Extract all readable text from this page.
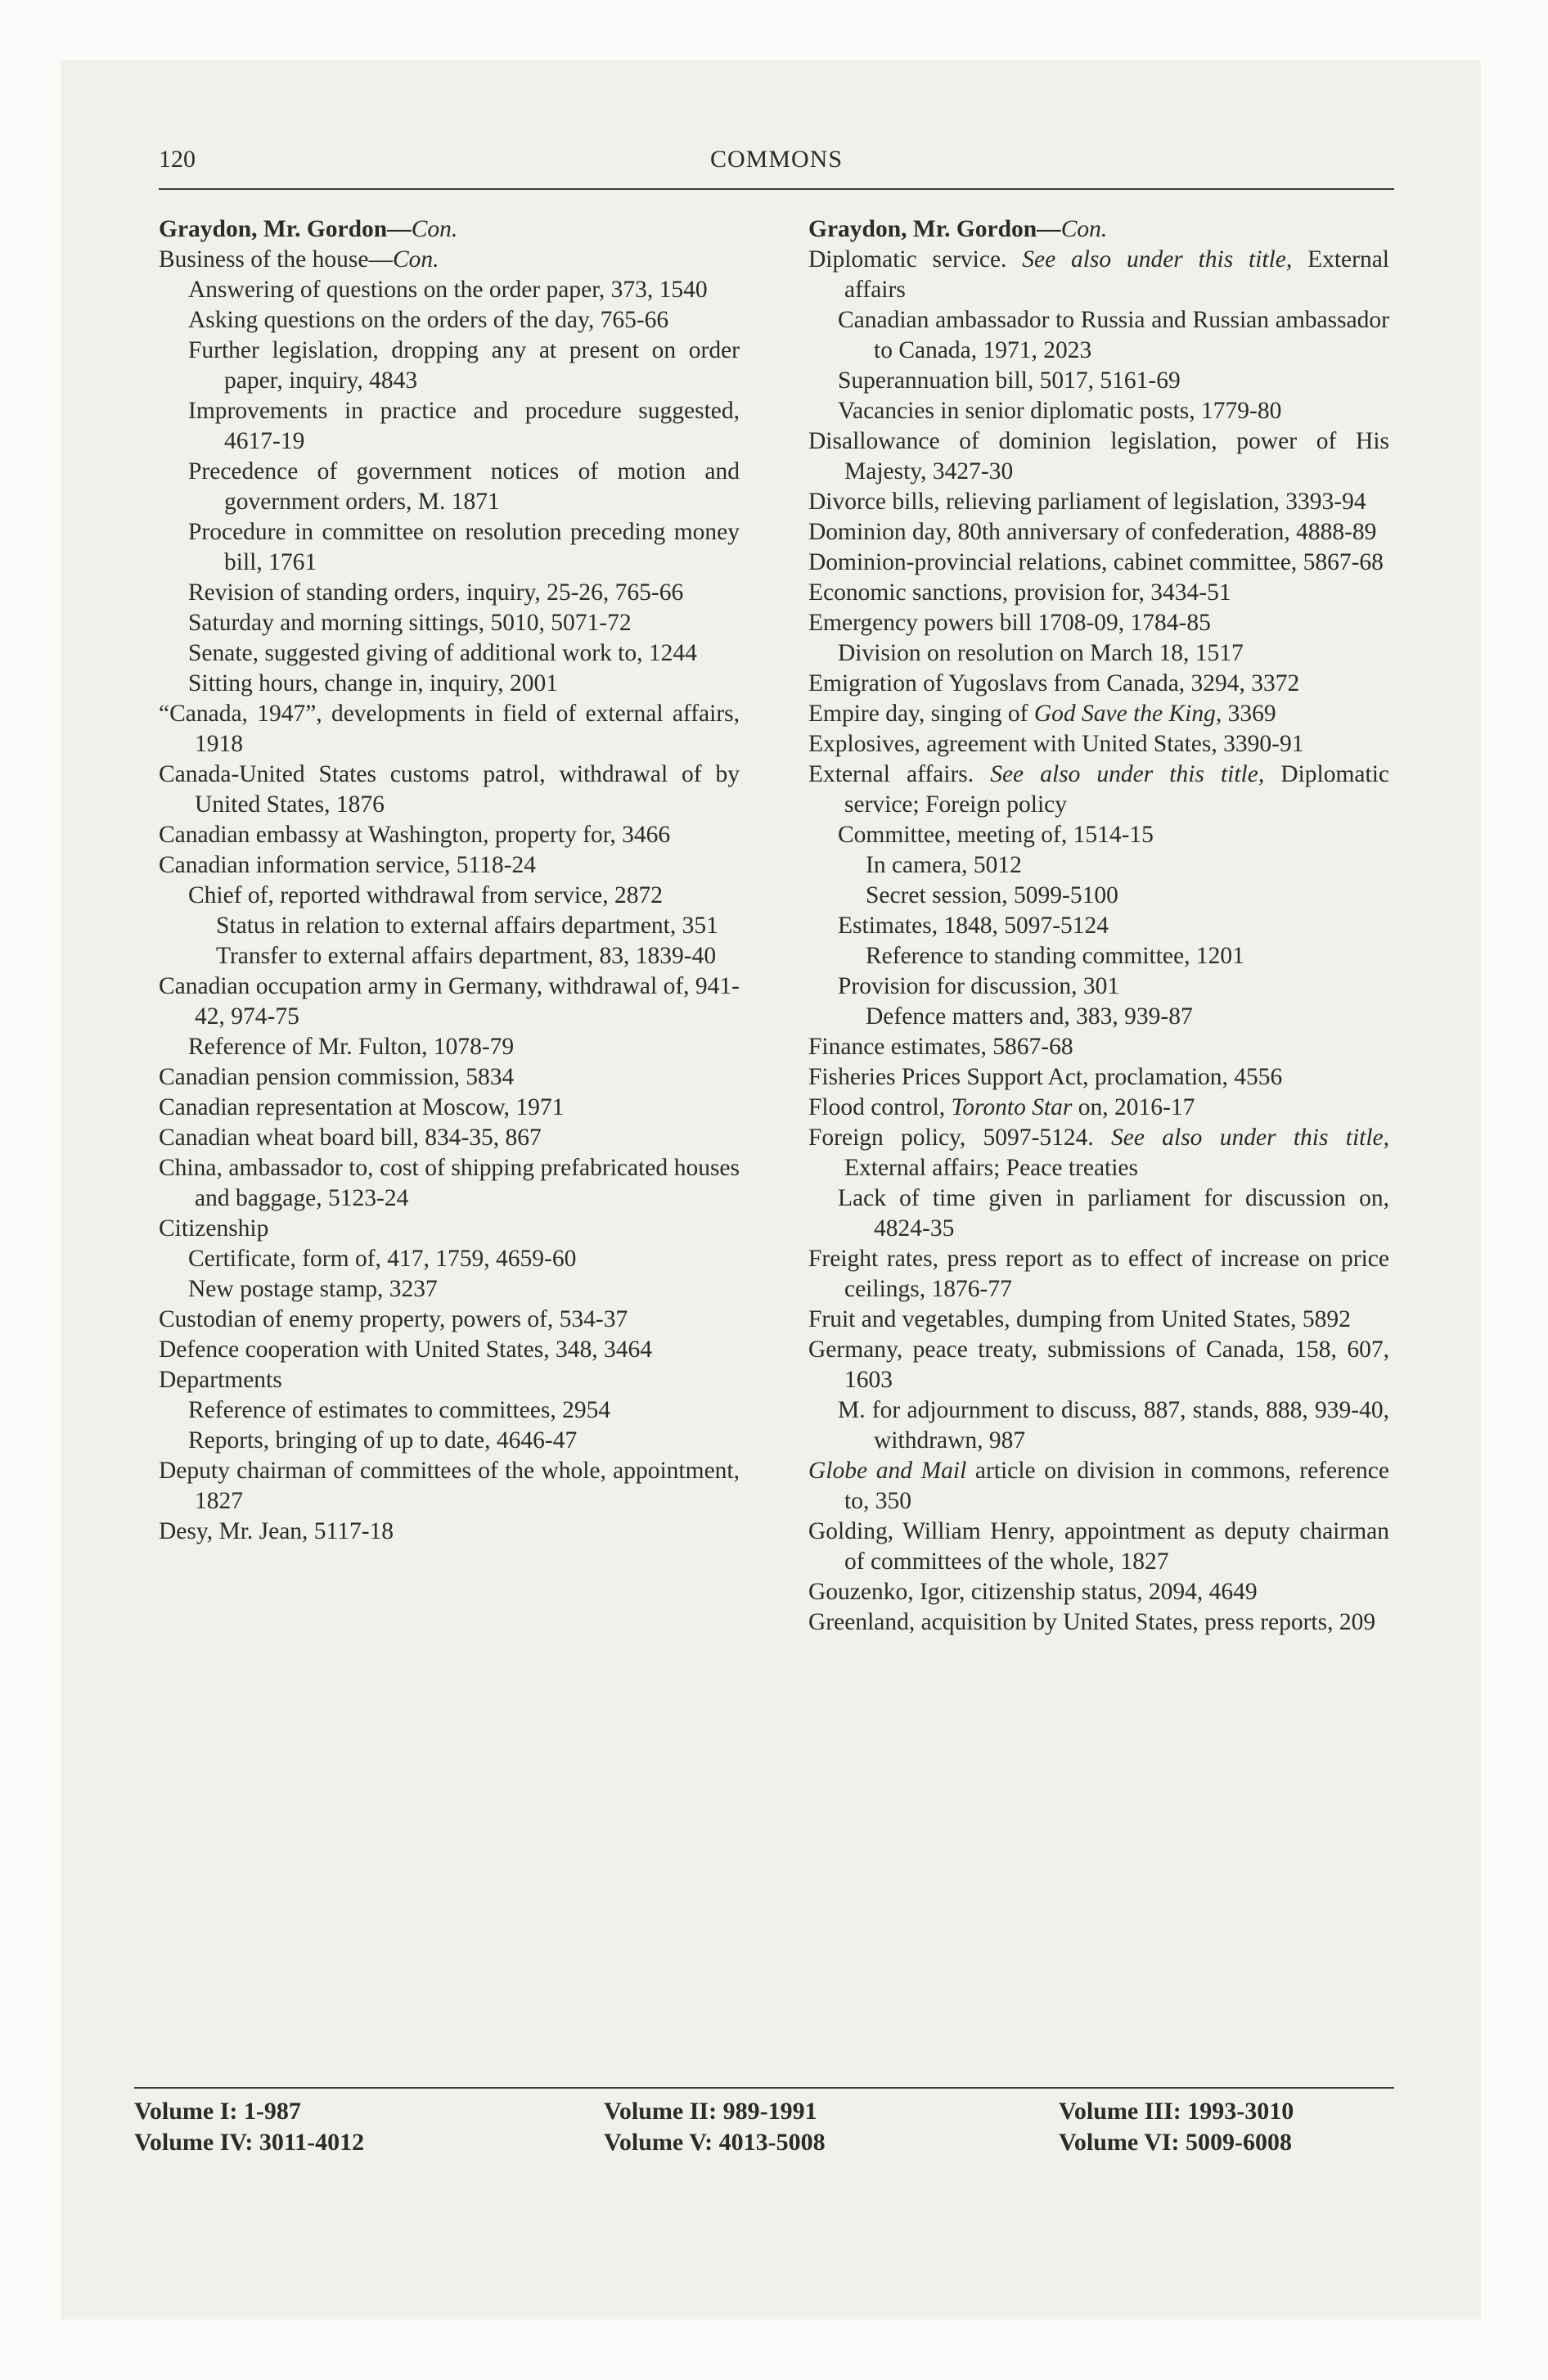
120	COMMONS

Graydon, Mr. Gordon—Con.

Business of the house—Con.

Answering of questions on the order paper, 373, 1540

Asking questions on the orders of the day, 765-66

Further legislation, dropping any at present on order paper, inquiry, 4843

Improvements in practice and procedure suggested, 4617-19

Precedence of government notices of motion and government orders, M. 1871

Procedure in committee on resolution preceding money bill, 1761

Revision of standing orders, inquiry, 25-26, 765-66

Saturday and morning sittings, 5010, 5071-72

Senate, suggested giving of additional work to, 1244

Sitting hours, change in, inquiry, 2001

“Canada, 1947”, developments in field of external affairs, 1918

Canada-United States customs patrol, withdrawal of by United States, 1876

Canadian embassy at Washington, property for, 3466

Canadian information service, 5118-24

Chief of, reported withdrawal from service, 2872

Status in relation to external affairs department, 351

Transfer to external affairs department, 83, 1839-40

Canadian occupation army in Germany, withdrawal of, 941-42, 974-75

Reference of Mr. Fulton, 1078-79

Canadian pension commission, 5834

Canadian representation at Moscow, 1971

Canadian wheat board bill, 834-35, 867

China, ambassador to, cost of shipping prefabricated houses and baggage, 5123-24

Citizenship

Certificate, form of, 417, 1759, 4659-60

New postage stamp, 3237

Custodian of enemy property, powers of, 534-37

Defence cooperation with United States, 348, 3464

Departments

Reference of estimates to committees, 2954

Reports, bringing of up to date, 4646-47

Deputy chairman of committees of the whole, appointment, 1827

Desy, Mr. Jean, 5117-18

Graydon, Mr. Gordon—Con.

Diplomatic service. See also under this title, External affairs

Canadian ambassador to Russia and Russian ambassador to Canada, 1971, 2023

Superannuation bill, 5017, 5161-69

Vacancies in senior diplomatic posts, 1779-80

Disallowance of dominion legislation, power of His Majesty, 3427-30

Divorce bills, relieving parliament of legislation, 3393-94

Dominion day, 80th anniversary of confederation, 4888-89

Dominion-provincial relations, cabinet committee, 5867-68

Economic sanctions, provision for, 3434-51

Emergency powers bill 1708-09, 1784-85

Division on resolution on March 18, 1517

Emigration of Yugoslavs from Canada, 3294, 3372

Empire day, singing of God Save the King, 3369

Explosives, agreement with United States, 3390-91

External affairs. See also under this title, Diplomatic service; Foreign policy

Committee, meeting of, 1514-15

In camera, 5012

Secret session, 5099-5100

Estimates, 1848, 5097-5124

Reference to standing committee, 1201

Provision for discussion, 301

Defence matters and, 383, 939-87

Finance estimates, 5867-68

Fisheries Prices Support Act, proclamation, 4556

Flood control, Toronto Star on, 2016-17

Foreign policy, 5097-5124. See also under this title, External affairs; Peace treaties

Lack of time given in parliament for discussion on, 4824-35

Freight rates, press report as to effect of increase on price ceilings, 1876-77

Fruit and vegetables, dumping from United States, 5892

Germany, peace treaty, submissions of Canada, 158, 607, 1603

M. for adjournment to discuss, 887, stands, 888, 939-40, withdrawn, 987

Globe and Mail article on division in commons, reference to, 350

Golding, William Henry, appointment as deputy chairman of committees of the whole, 1827

Gouzenko, Igor, citizenship status, 2094, 4649

Greenland, acquisition by United States, press reports, 209

Volume I: 1-987	Volume II: 989-1991	Volume III: 1993-3010
Volume IV: 3011-4012	Volume V: 4013-5008	Volume VI: 5009-6008
